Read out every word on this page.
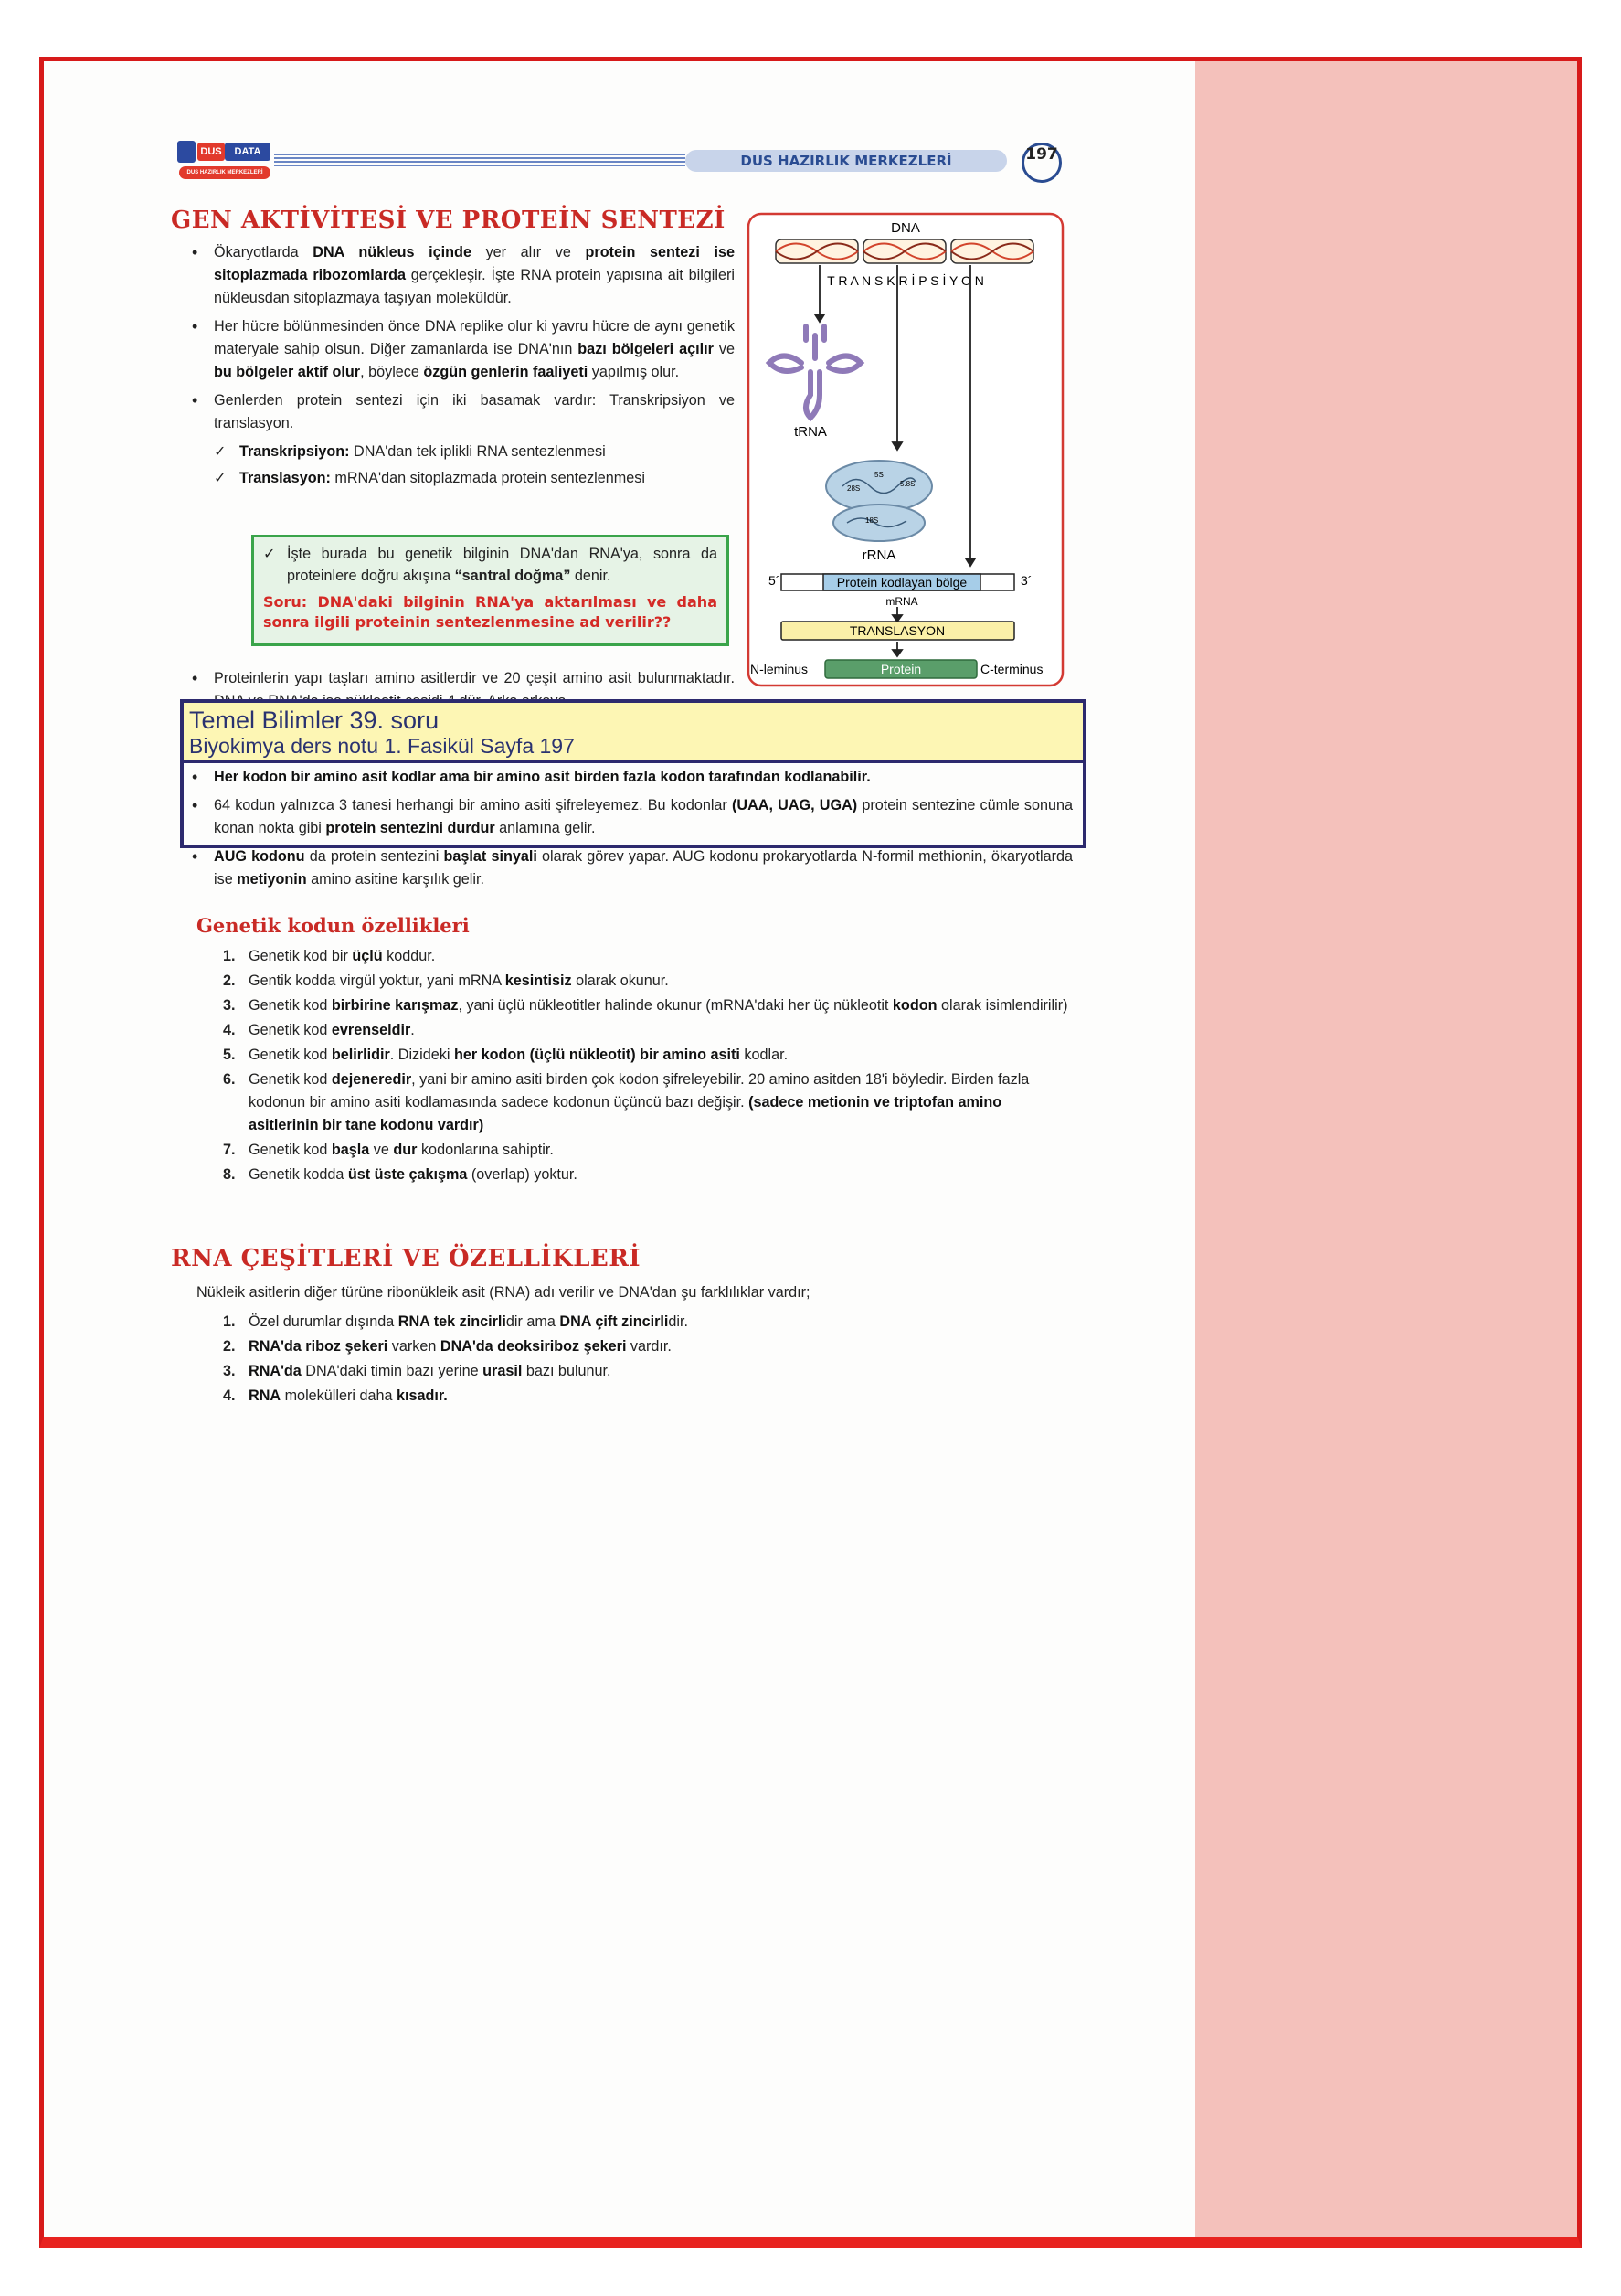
DUS	DATA
DUS HAZIRLIK MERKEZLERİ
DUS HAZIRLIK MERKEZLERİ	197
GEN AKTİVİTESİ VE PROTEİN SENTEZİ
• Ökaryotlarda DNA nükleus içinde yer alır ve protein sentezi ise sitoplazmada ribozomlarda gerçekleşir. İşte RNA protein yapısına ait bilgileri nükleusdan sitoplazmaya taşıyan moleküldür.
• Her hücre bölünmesinden önce DNA replike olur ki yavru hücre de aynı genetik materyale sahip olsun. Diğer zamanlarda ise DNA'nın bazı bölgeleri açılır ve bu bölgeler aktif olur, böylece özgün genlerin faaliyeti yapılmış olur.
• Genlerden protein sentezi için iki basamak vardır: Transkripsiyon ve translasyon.
✓ Transkripsiyon: DNA'dan tek iplikli RNA sentezlenmesi
✓ Translasyon: mRNA'dan sitoplazmada protein sentezlenmesi
✓ İşte burada bu genetik bilginin DNA'dan RNA'ya, sonra da proteinlere doğru akışına “santral doğma” denir.
Soru: DNA'daki bilginin RNA'ya aktarılması ve daha sonra ilgili proteinin sentezlenmesine ad verilir??
• Proteinlerin yapı taşları amino asitlerdir ve 20 çeşit amino asit bulunmaktadır.
DNA
T R A N S K R İ P S İ Y O N
tRNA
28S
5S
5.8S
18S
rRNA
5´	Protein kodlayan bölge	3´
mRNA
TRANSLASYON
N-leminus	Protein	C-terminus
Temel Bilimler 39. soru
Biyokimya ders notu 1. Fasikül Sayfa 197
• Her kodon bir amino asit kodlar ama bir amino asit birden fazla kodon tarafından kodlanabilir.
• 64 kodun yalnızca 3 tanesi herhangi bir amino asiti şifreleyemez. Bu kodonlar (UAA, UAG, UGA) protein sentezine cümle sonuna konan nokta gibi protein sentezini durdur anlamına gelir.
• AUG kodonu da protein sentezini başlat sinyali olarak görev yapar. AUG kodonu prokaryotlarda N-formil methionin, ökaryotlarda ise metiyonin amino asitine karşılık gelir.
Genetik kodun özellikleri
1. Genetik kod bir üçlü koddur.
2. Gentik kodda virgül yoktur, yani mRNA kesintisiz olarak okunur.
3. Genetik kod birbirine karışmaz, yani üçlü nükleotitler halinde okunur (mRNA'daki her üç nükleotit kodon olarak isimlendirilir)
4. Genetik kod evrenseldir.
5. Genetik kod belirlidir. Dizideki her kodon (üçlü nükleotit) bir amino asiti kodlar.
6. Genetik kod dejeneredir, yani bir amino asiti birden çok kodon şifreleyebilir. 20 amino asitden 18'i böyledir. Birden fazla kodonun bir amino asiti kodlamasında sadece kodonun üçüncü bazı değişir. (sadece metionin ve triptofan amino asitlerinin bir tane kodonu vardır)
7. Genetik kod başla ve dur kodonlarına sahiptir.
8. Genetik kodda üst üste çakışma (overlap) yoktur.
RNA ÇEŞİTLERİ VE ÖZELLİKLERİ
Nükleik asitlerin diğer türüne ribonükleik asit (RNA) adı verilir ve DNA'dan şu farklılıklar vardır;
1. Özel durumlar dışında RNA tek zincirlidir ama DNA çift zincirlidir.
2. RNA'da riboz şekeri varken DNA'da deoksiriboz şekeri vardır.
3. RNA'da DNA'daki timin bazı yerine urasil bazı bulunur.
4. RNA molekülleri daha kısadır.
